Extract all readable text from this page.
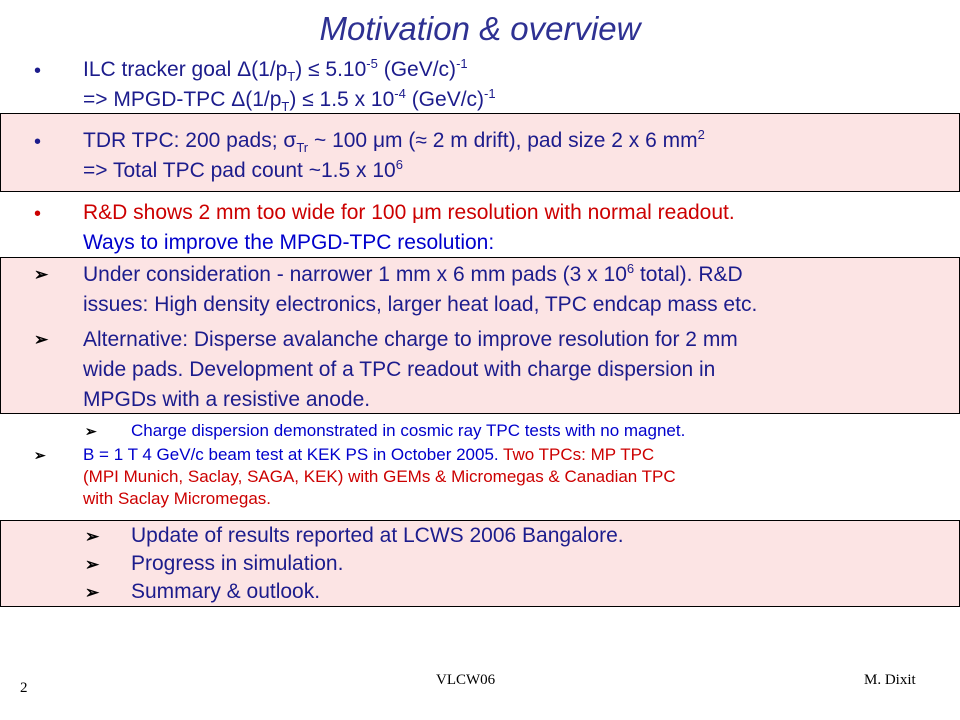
Motivation & overview
• ILC tracker goal $\Delta(1/p_T) \le 5.10^{-5}$ $(GeV/c)^{-1}$
=> MPGD-TPC $\Delta(1/p_T) \le 1.5$ x $10^{-4}$ $(GeV/c)^{-1}$
• TDR TPC: 200 pads; $\sigma_{Tr}$ ~ 100 μm (≈ 2 m drift), pad size 2 x 6 $mm^2$
=> Total TPC pad count ~1.5 x $10^6$
• R&D shows 2 mm too wide for 100 μm resolution with normal readout.
Ways to improve the MPGD-TPC resolution:
➢ Under consideration - narrower 1 mm x 6 mm pads (3 x $10^6$ total). R&D
issues: High density electronics, larger heat load, TPC endcap mass etc.
➢ Alternative: Disperse avalanche charge to improve resolution for 2 mm
wide pads. Development of a TPC readout with charge dispersion in
MPGDs with a resistive anode.
➢ Charge dispersion demonstrated in cosmic ray TPC tests with no magnet.
➢ B = 1 T 4 GeV/c beam test at KEK PS in October 2005. Two TPCs: MP TPC
(MPI Munich, Saclay, SAGA, KEK) with GEMs & Micromegas & Canadian TPC
with Saclay Micromegas.
➢ Update of results reported at LCWS 2006 Bangalore.
➢ Progress in simulation.
➢ Summary & outlook.
2	VLCW06	M. Dixit
